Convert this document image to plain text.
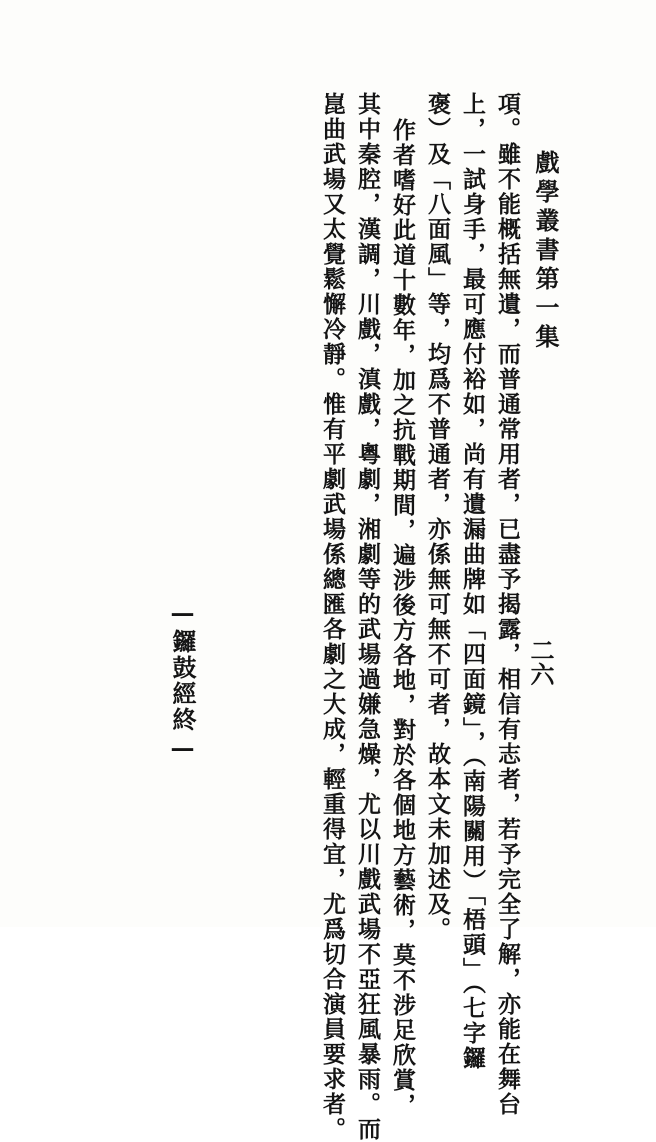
戲學叢書第一集
二六
項。雖不能概括無遺，而普通常用者，已盡予揭露，相信有志者，若予完全了解，亦能在舞台
上，一試身手，最可應付裕如，尚有遺漏曲牌如「四面鏡」，（南陽關用）「梧頭」（七字鑼
褒）及「八面風」等，均爲不普通者，亦係無可無不可者，故本文未加述及。
作者嗜好此道十數年，加之抗戰期間，遍涉後方各地，對於各個地方藝術，莫不涉足欣賞，
其中秦腔，漢調，川戲，滇戲，粵劇，湘劇等的武場過嫌急燥，尤以川戲武場不亞狂風暴雨。而
崑曲武場又太覺鬆懈冷靜。惟有平劇武場係總匯各劇之大成，輕重得宜，尤爲切合演員要求者。
—鑼鼓經終—
